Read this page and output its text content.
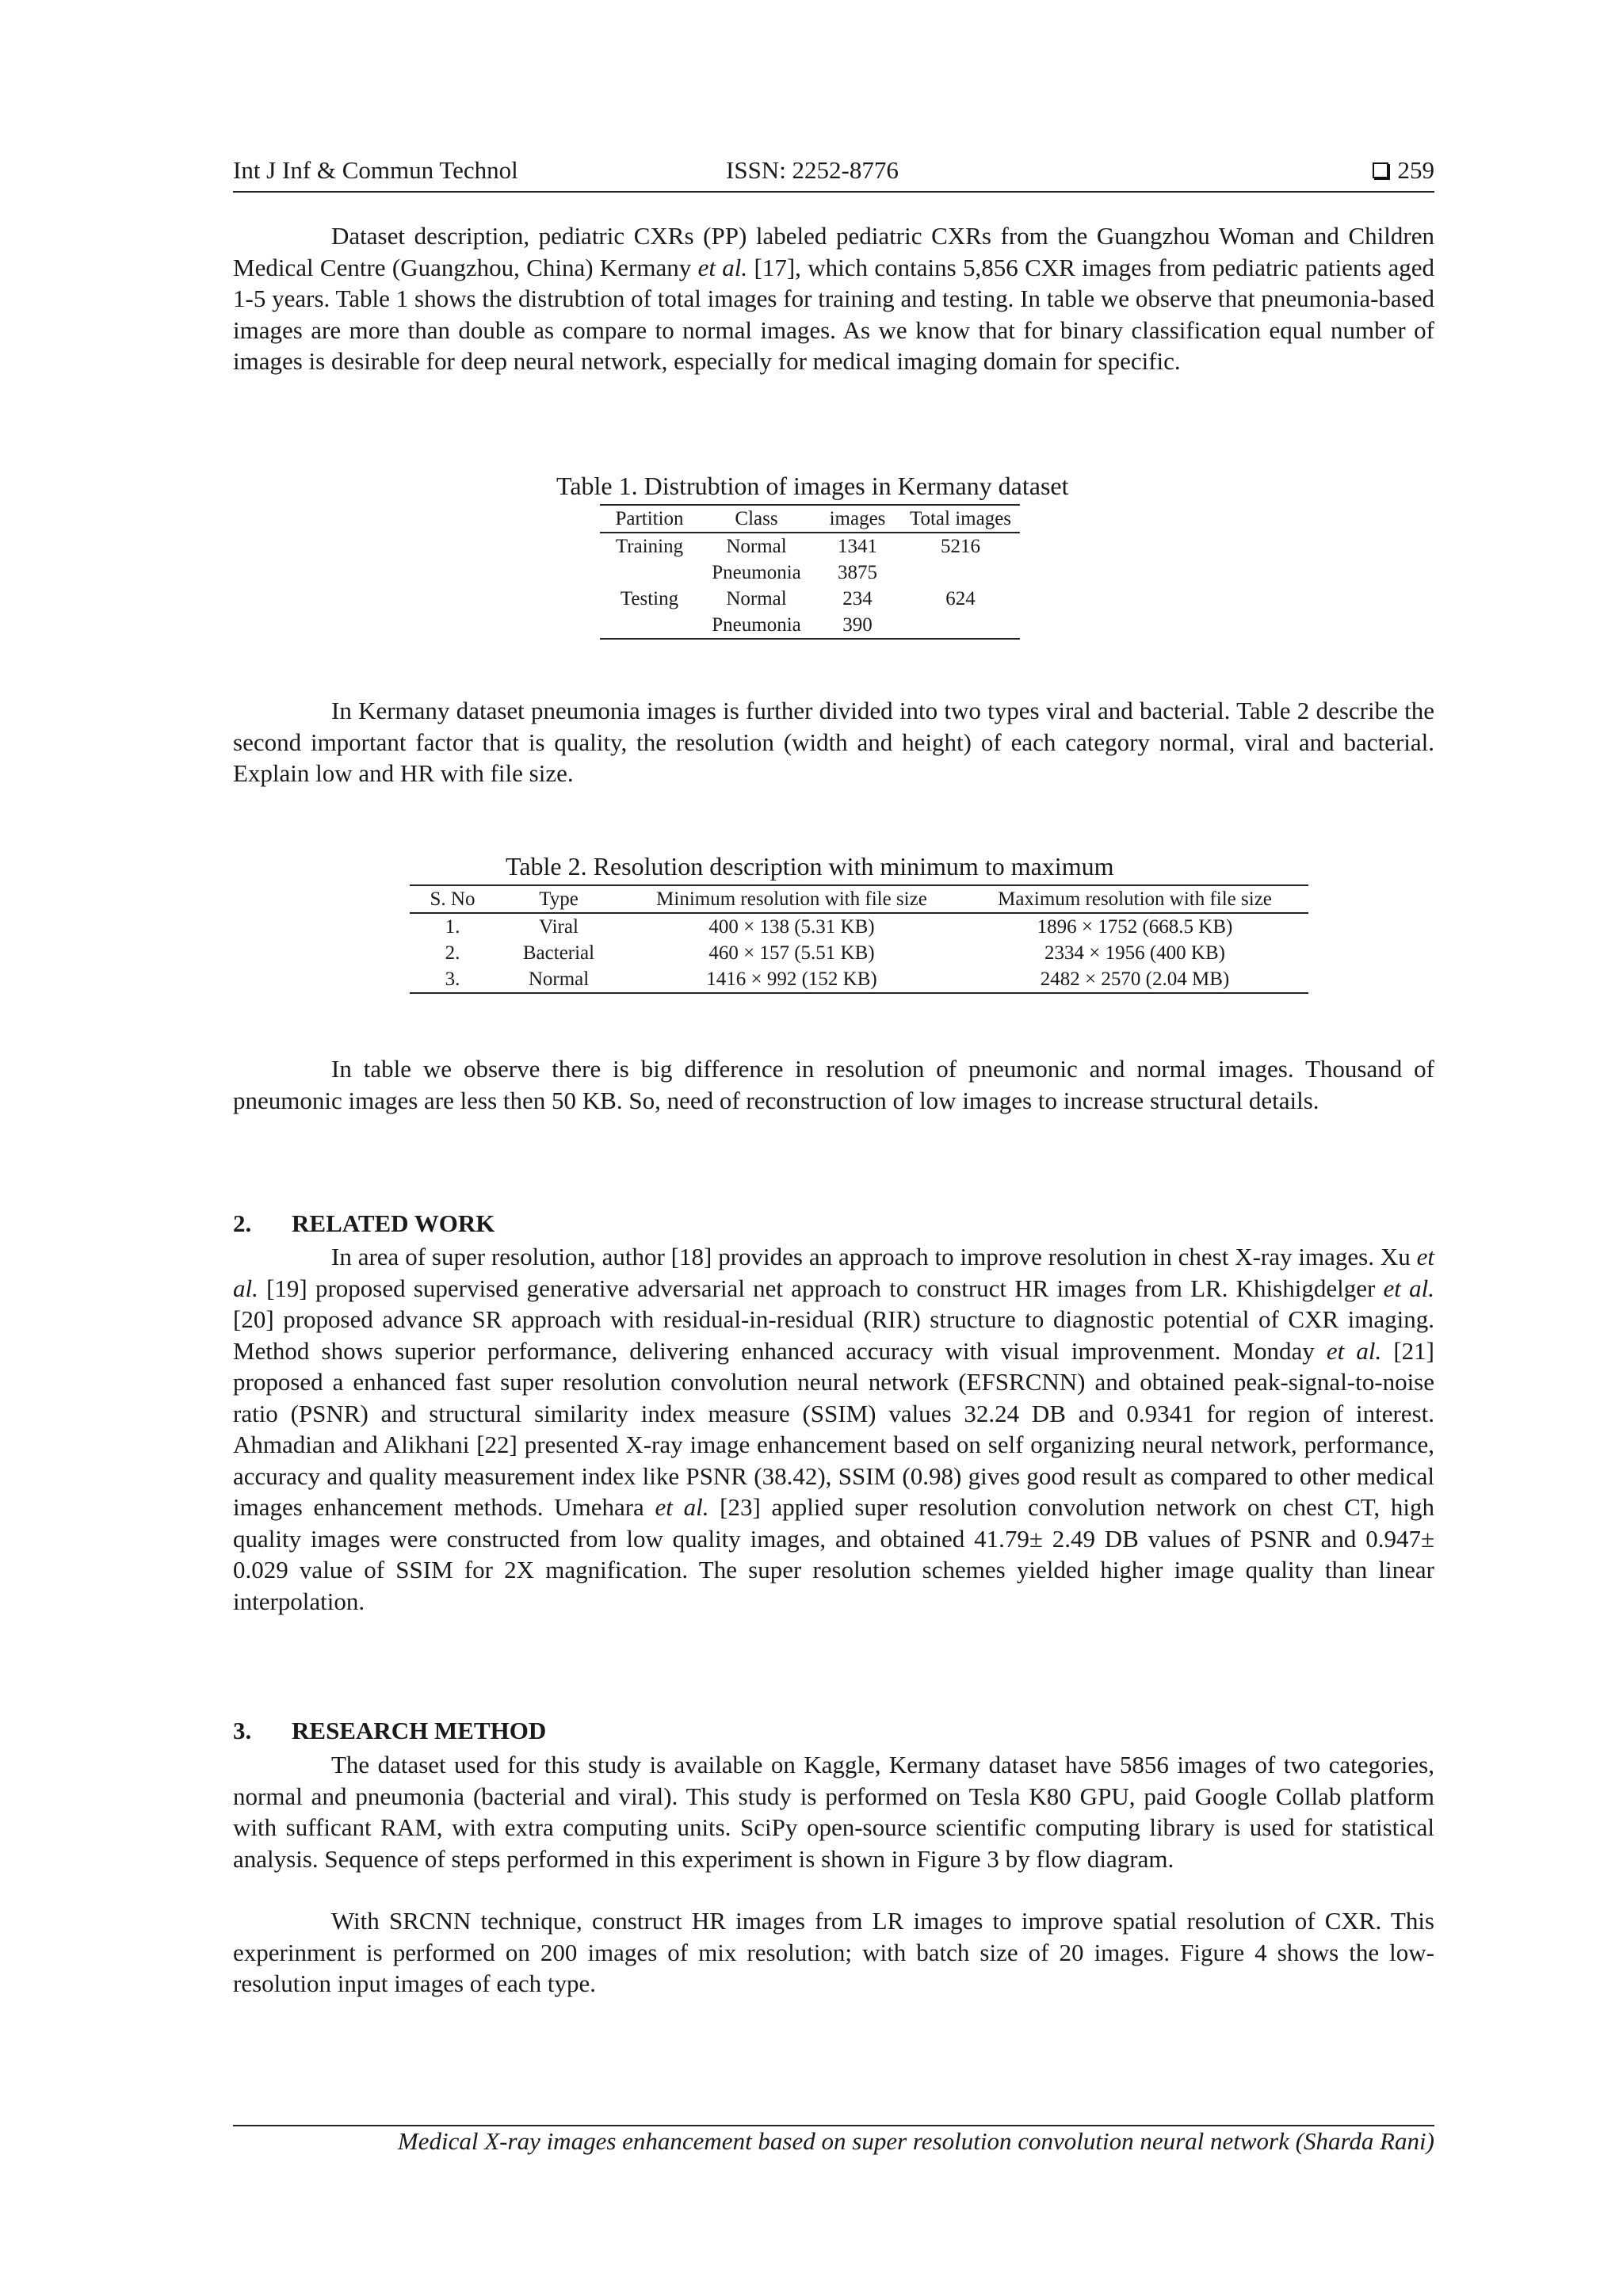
Int J Inf & Commun Technol	ISSN: 2252-8776	259

Dataset description, pediatric CXRs (PP) labeled pediatric CXRs from the Guangzhou Woman and Children Medical Centre (Guangzhou, China) Kermany et al. [17], which contains 5,856 CXR images from pediatric patients aged 1-5 years. Table 1 shows the distrubtion of total images for training and testing. In table we observe that pneumonia-based images are more than double as compare to normal images. As we know that for binary classification equal number of images is desirable for deep neural network, especially for medical imaging domain for specific.

Table 1. Distrubtion of images in Kermany dataset
Partition	Class	images	Total images
Training	Normal	1341	5216
	Pneumonia	3875	
Testing	Normal	234	624
	Pneumonia	390	

In Kermany dataset pneumonia images is further divided into two types viral and bacterial. Table 2 describe the second important factor that is quality, the resolution (width and height) of each category normal, viral and bacterial. Explain low and HR with file size.

Table 2. Resolution description with minimum to maximum
S. No	Type	Minimum resolution with file size	Maximum resolution with file size
1.	Viral	400 × 138 (5.31 KB)	1896 × 1752 (668.5 KB)
2.	Bacterial	460 × 157 (5.51 KB)	2334 × 1956 (400 KB)
3.	Normal	1416 × 992 (152 KB)	2482 × 2570 (2.04 MB)

In table we observe there is big difference in resolution of pneumonic and normal images. Thousand of pneumonic images are less then 50 KB. So, need of reconstruction of low images to increase structural details.

2. RELATED WORK

In area of super resolution, author [18] provides an approach to improve resolution in chest X-ray images. Xu et al. [19] proposed supervised generative adversarial net approach to construct HR images from LR. Khishigdelger et al. [20] proposed advance SR approach with residual-in-residual (RIR) structure to diagnostic potential of CXR imaging. Method shows superior performance, delivering enhanced accuracy with visual improvenment. Monday et al. [21] proposed a enhanced fast super resolution convolution neural network (EFSRCNN) and obtained peak-signal-to-noise ratio (PSNR) and structural similarity index measure (SSIM) values 32.24 DB and 0.9341 for region of interest. Ahmadian and Alikhani [22] presented X-ray image enhancement based on self organizing neural network, performance, accuracy and quality measurement index like PSNR (38.42), SSIM (0.98) gives good result as compared to other medical images enhancement methods. Umehara et al. [23] applied super resolution convolution network on chest CT, high quality images were constructed from low quality images, and obtained 41.79± 2.49 DB values of PSNR and 0.947± 0.029 value of SSIM for 2X magnification. The super resolution schemes yielded higher image quality than linear interpolation.

3. RESEARCH METHOD

The dataset used for this study is available on Kaggle, Kermany dataset have 5856 images of two categories, normal and pneumonia (bacterial and viral). This study is performed on Tesla K80 GPU, paid Google Collab platform with sufficant RAM, with extra computing units. SciPy open-source scientific computing library is used for statistical analysis. Sequence of steps performed in this experiment is shown in Figure 3 by flow diagram.

With SRCNN technique, construct HR images from LR images to improve spatial resolution of CXR. This experinment is performed on 200 images of mix resolution; with batch size of 20 images. Figure 4 shows the low-resolution input images of each type.

Medical X-ray images enhancement based on super resolution convolution neural network (Sharda Rani)
